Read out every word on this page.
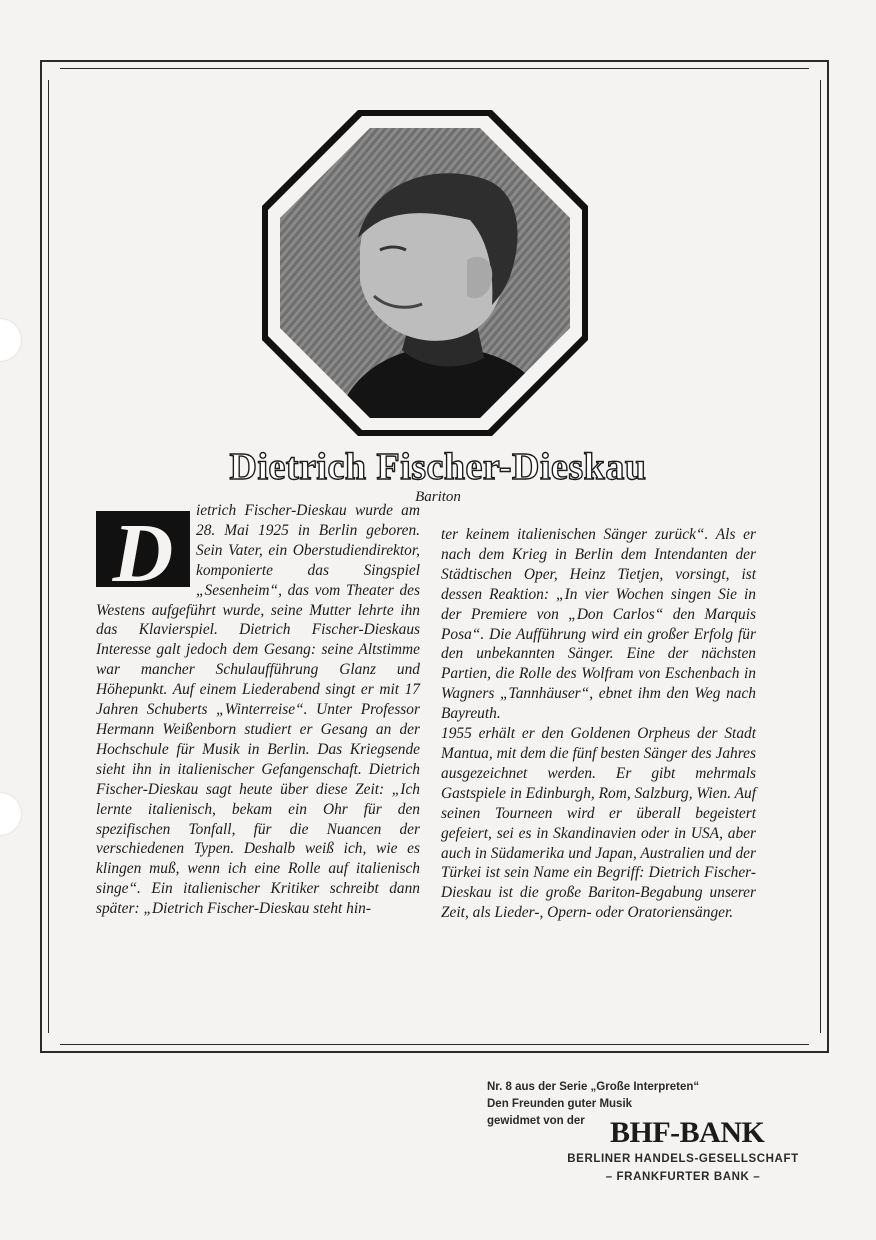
Dietrich Fischer-Dieskau
Bariton
D	ietrich Fischer-Dieskau wurde am 28. Mai 1925 in Berlin geboren. Sein Vater, ein Oberstudiendirektor, komponierte das Singspiel „Sesenheim“, das vom Theater des Westens aufgeführt wurde, seine Mutter lehrte ihn das Klavierspiel. Dietrich Fischer-Dieskaus Interesse galt jedoch dem Gesang: seine Altstimme war mancher Schulaufführung Glanz und Höhepunkt. Auf einem Liederabend singt er mit 17 Jahren Schuberts „Winterreise“. Unter Professor Hermann Weißenborn studiert er Gesang an der Hochschule für Musik in Berlin. Das Kriegsende sieht ihn in italienischer Gefangenschaft. Dietrich Fischer-Dieskau sagt heute über diese Zeit: „Ich lernte italienisch, bekam ein Ohr für den spezifischen Tonfall, für die Nuancen der verschiedenen Typen. Deshalb weiß ich, wie es klingen muß, wenn ich eine Rolle auf italienisch singe“. Ein italienischer Kritiker schreibt dann später: „Dietrich Fischer-Dieskau steht hin-

ter keinem italienischen Sänger zurück“. Als er nach dem Krieg in Berlin dem Intendanten der Städtischen Oper, Heinz Tietjen, vorsingt, ist dessen Reaktion: „In vier Wochen singen Sie in der Premiere von „Don Carlos“ den Marquis Posa“. Die Aufführung wird ein großer Erfolg für den unbekannten Sänger. Eine der nächsten Partien, die Rolle des Wolfram von Eschenbach in Wagners „Tannhäuser“, ebnet ihm den Weg nach Bayreuth.

1955 erhält er den Goldenen Orpheus der Stadt Mantua, mit dem die fünf besten Sänger des Jahres ausgezeichnet werden. Er gibt mehrmals Gastspiele in Edinburgh, Rom, Salzburg, Wien. Auf seinen Tourneen wird er überall begeistert gefeiert, sei es in Skandinavien oder in USA, aber auch in Südamerika und Japan, Australien und der Türkei ist sein Name ein Begriff: Dietrich Fischer-Dieskau ist die große Bariton-Begabung unserer Zeit, als Lieder-, Opern- oder Oratoriensänger.

Nr. 8 aus der Serie „Große Interpreten“
Den Freunden guter Musik
gewidmet von der BHF-BANK
BERLINER HANDELS-GESELLSCHAFT
– FRANKFURTER BANK –
